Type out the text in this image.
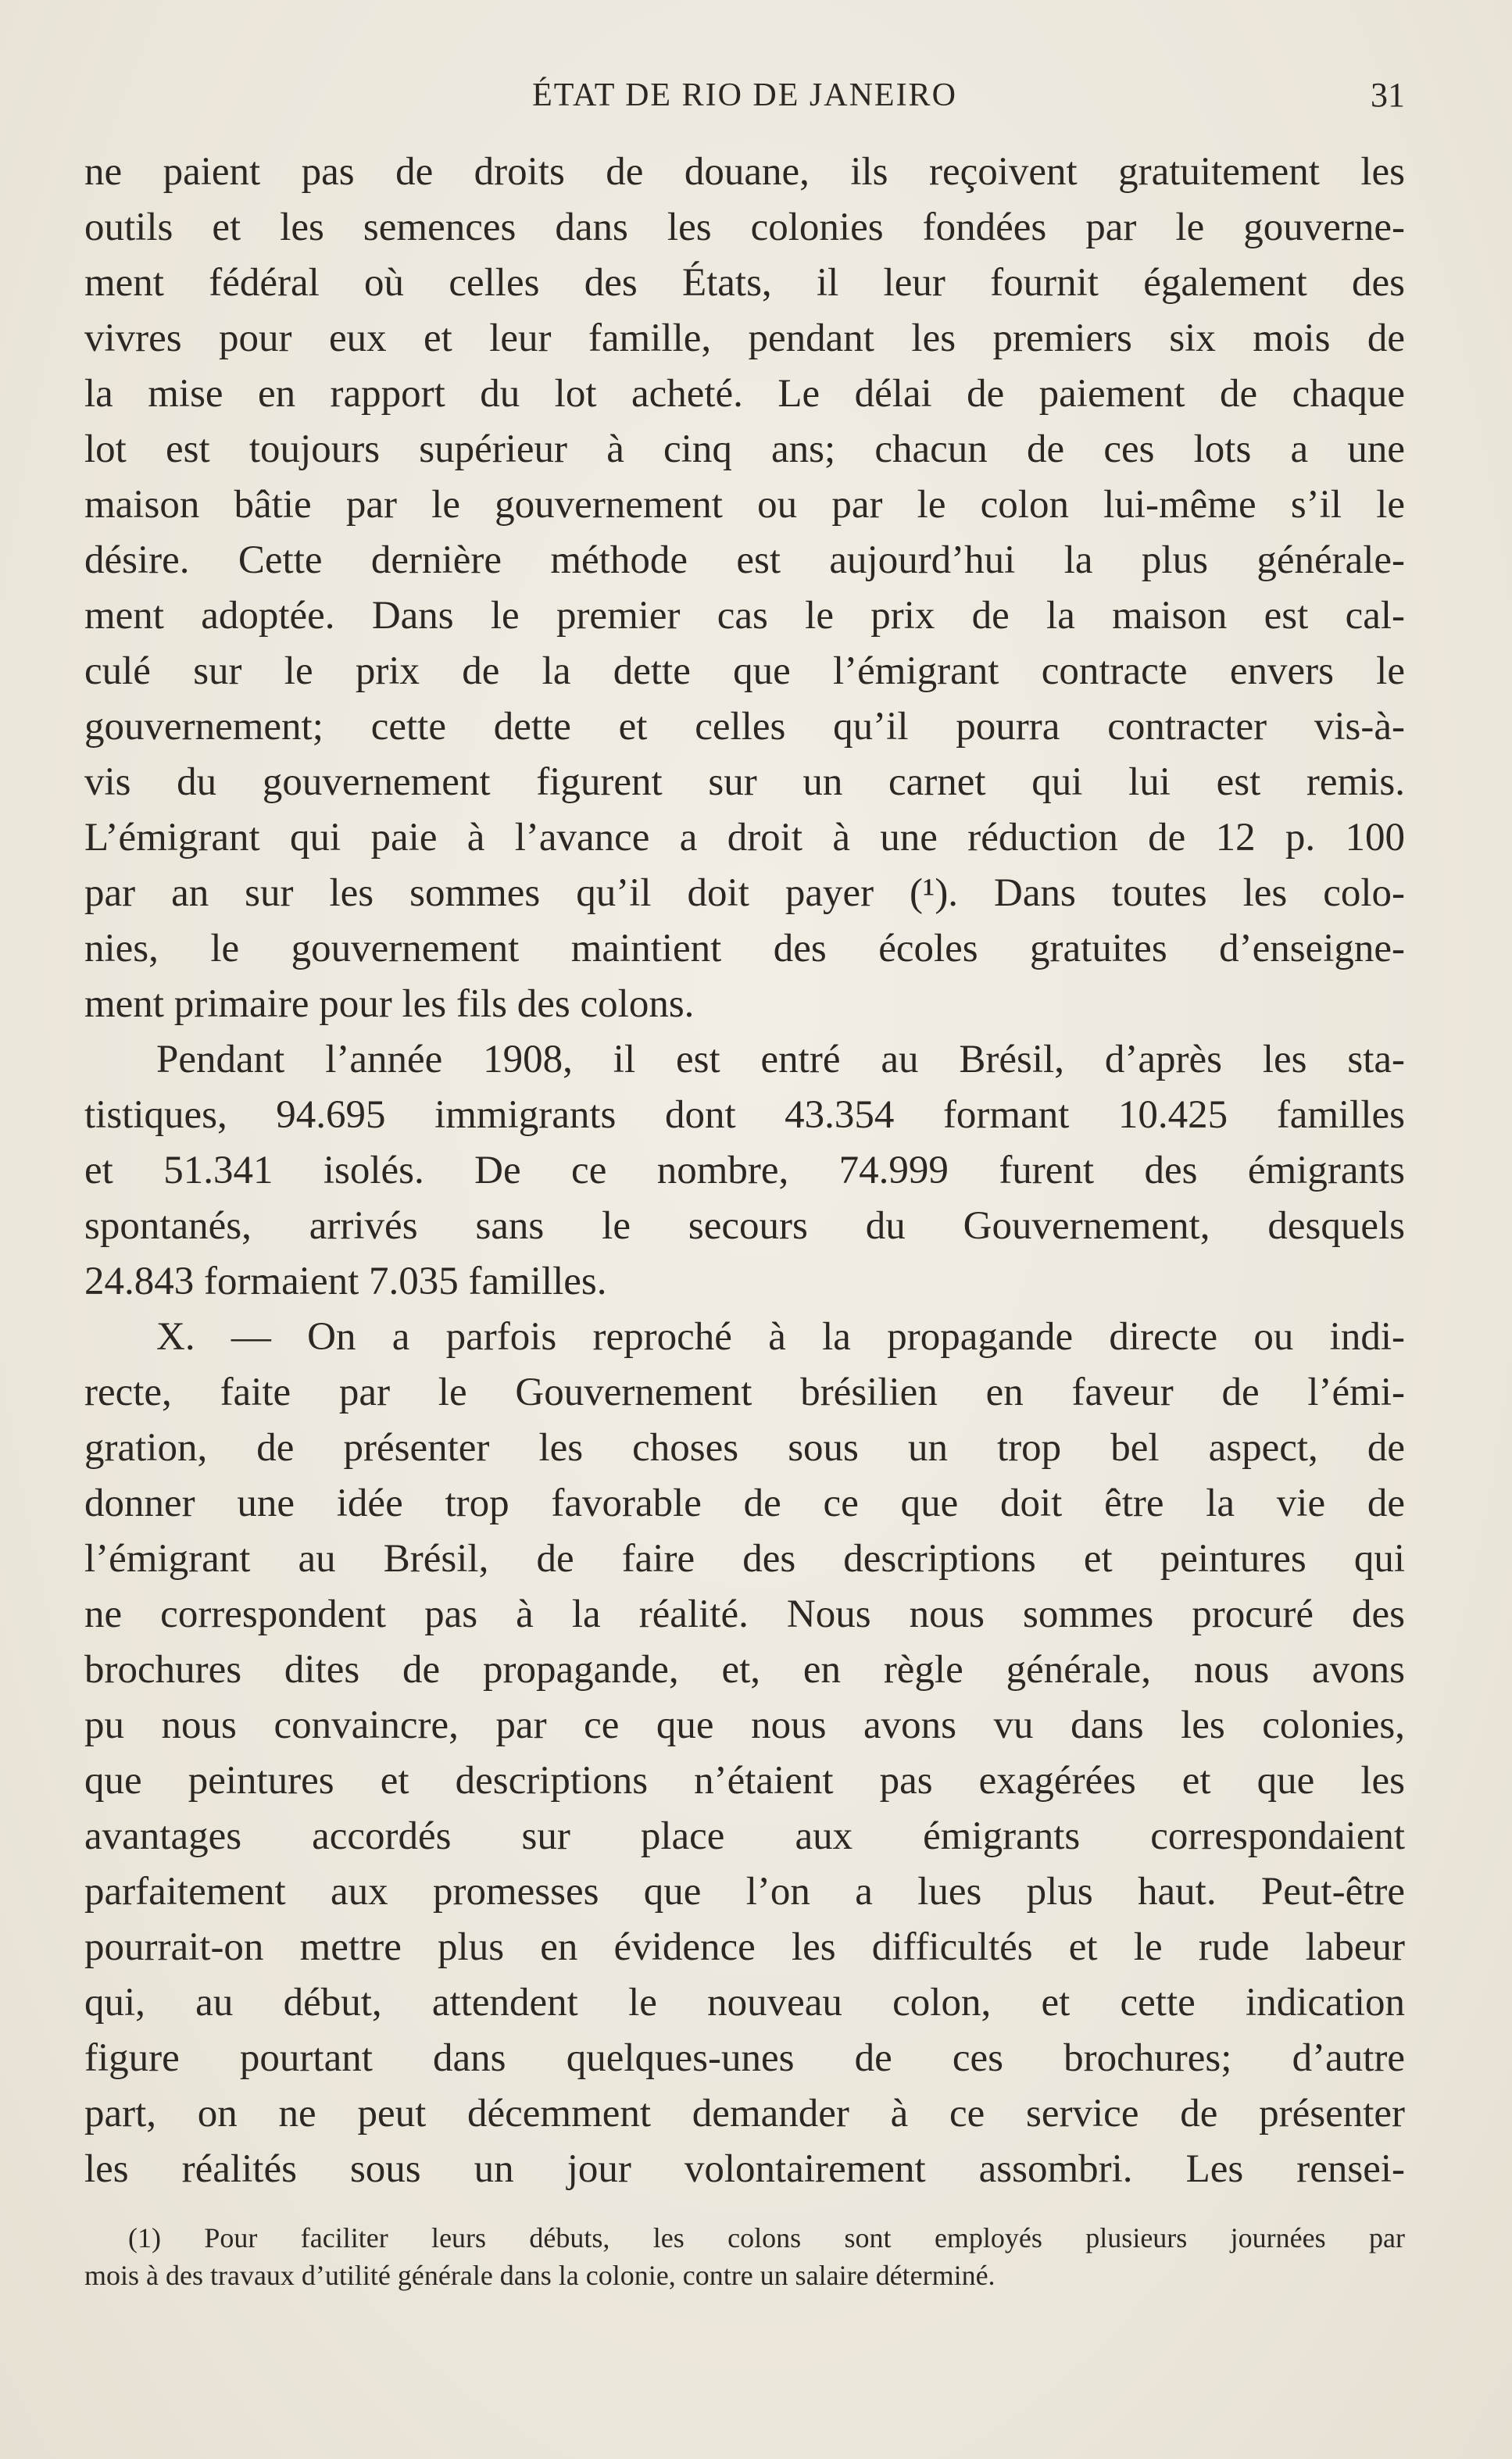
ÉTAT DE RIO DE JANEIRO	31
ne paient pas de droits de douane, ils reçoivent gratuitement les
outils et les semences dans les colonies fondées par le gouverne-
ment fédéral où celles des États, il leur fournit également des
vivres pour eux et leur famille, pendant les premiers six mois de
la mise en rapport du lot acheté. Le délai de paiement de chaque
lot est toujours supérieur à cinq ans; chacun de ces lots a une
maison bâtie par le gouvernement ou par le colon lui-même s’il le
désire. Cette dernière méthode est aujourd’hui la plus générale-
ment adoptée. Dans le premier cas le prix de la maison est cal-
culé sur le prix de la dette que l’émigrant contracte envers le
gouvernement; cette dette et celles qu’il pourra contracter vis-à-
vis du gouvernement figurent sur un carnet qui lui est remis.
L’émigrant qui paie à l’avance a droit à une réduction de 12 p. 100
par an sur les sommes qu’il doit payer (¹). Dans toutes les colo-
nies, le gouvernement maintient des écoles gratuites d’enseigne-
ment primaire pour les fils des colons.
Pendant l’année 1908, il est entré au Brésil, d’après les sta-
tistiques, 94.695 immigrants dont 43.354 formant 10.425 familles
et 51.341 isolés. De ce nombre, 74.999 furent des émigrants
spontanés, arrivés sans le secours du Gouvernement, desquels
24.843 formaient 7.035 familles.
X. — On a parfois reproché à la propagande directe ou indi-
recte, faite par le Gouvernement brésilien en faveur de l’émi-
gration, de présenter les choses sous un trop bel aspect, de
donner une idée trop favorable de ce que doit être la vie de
l’émigrant au Brésil, de faire des descriptions et peintures qui
ne correspondent pas à la réalité. Nous nous sommes procuré des
brochures dites de propagande, et, en règle générale, nous avons
pu nous convaincre, par ce que nous avons vu dans les colonies,
que peintures et descriptions n’étaient pas exagérées et que les
avantages accordés sur place aux émigrants correspondaient
parfaitement aux promesses que l’on a lues plus haut. Peut-être
pourrait-on mettre plus en évidence les difficultés et le rude labeur
qui, au début, attendent le nouveau colon, et cette indication
figure pourtant dans quelques-unes de ces brochures; d’autre
part, on ne peut décemment demander à ce service de présenter
les réalités sous un jour volontairement assombri. Les rensei-
(1) Pour faciliter leurs débuts, les colons sont employés plusieurs journées par
mois à des travaux d’utilité générale dans la colonie, contre un salaire déterminé.
